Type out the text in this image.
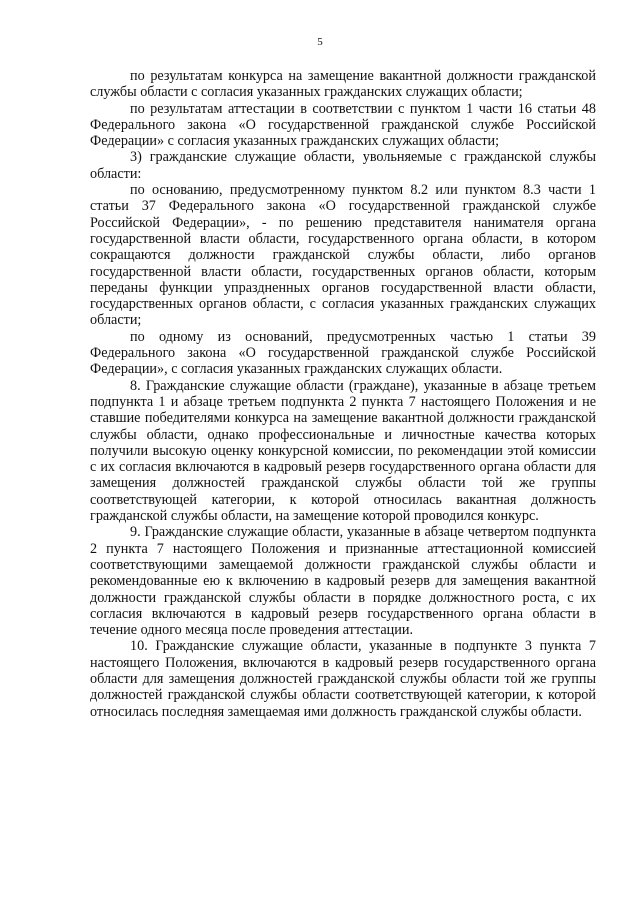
5

по результатам конкурса на замещение вакантной должности гражданской службы области с согласия указанных гражданских служащих области;

по результатам аттестации в соответствии с пунктом 1 части 16 статьи 48 Федерального закона «О государственной гражданской службе Российской Федерации» с согласия указанных гражданских служащих области;

3) гражданские служащие области, увольняемые с гражданской службы области:

по основанию, предусмотренному пунктом 8.2 или пунктом 8.3 части 1 статьи 37 Федерального закона «О государственной гражданской службе Российской Федерации», - по решению представителя нанимателя органа государственной власти области, государственного органа области, в котором сокращаются должности гражданской службы области, либо органов государственной власти области, государственных органов области, которым переданы функции упраздненных органов государственной власти области, государственных органов области, с согласия указанных гражданских служащих области;

по одному из оснований, предусмотренных частью 1 статьи 39 Федерального закона «О государственной гражданской службе Российской Федерации», с согласия указанных гражданских служащих области.

8. Гражданские служащие области (граждане), указанные в абзаце третьем подпункта 1 и абзаце третьем подпункта 2 пункта 7 настоящего Положения и не ставшие победителями конкурса на замещение вакантной должности гражданской службы области, однако профессиональные и личностные качества которых получили высокую оценку конкурсной комиссии, по рекомендации этой комиссии с их согласия включаются в кадровый резерв государственного органа области для замещения должностей гражданской службы области той же группы соответствующей категории, к которой относилась вакантная должность гражданской службы области, на замещение которой проводился конкурс.

9. Гражданские служащие области, указанные в абзаце четвертом подпункта 2 пункта 7 настоящего Положения и признанные аттестационной комиссией соответствующими замещаемой должности гражданской службы области и рекомендованные ею к включению в кадровый резерв для замещения вакантной должности гражданской службы области в порядке должностного роста, с их согласия включаются в кадровый резерв государственного органа области в течение одного месяца после проведения аттестации.

10. Гражданские служащие области, указанные в подпункте 3 пункта 7 настоящего Положения, включаются в кадровый резерв государственного органа области для замещения должностей гражданской службы области той же группы должностей гражданской службы области соответствующей категории, к которой относилась последняя замещаемая ими должность гражданской службы области.
